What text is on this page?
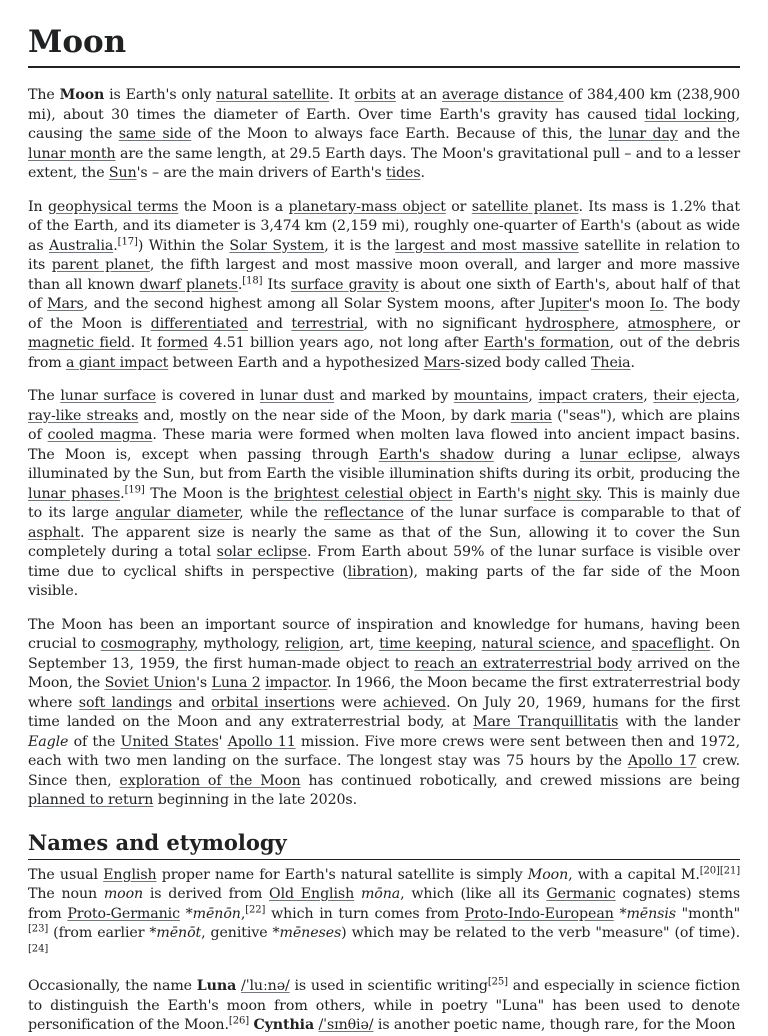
Moon

The Moon is Earth's only natural satellite. It orbits at an average distance of 384,400 km (238,900 mi), about 30 times the diameter of Earth. Over time Earth's gravity has caused tidal locking, causing the same side of the Moon to always face Earth. Because of this, the lunar day and the lunar month are the same length, at 29.5 Earth days. The Moon's gravitational pull – and to a lesser extent, the Sun's – are the main drivers of Earth's tides.

In geophysical terms the Moon is a planetary-mass object or satellite planet. Its mass is 1.2% that of the Earth, and its diameter is 3,474 km (2,159 mi), roughly one-quarter of Earth's (about as wide as Australia.[17]) Within the Solar System, it is the largest and most massive satellite in relation to its parent planet, the fifth largest and most massive moon overall, and larger and more massive than all known dwarf planets.[18] Its surface gravity is about one sixth of Earth's, about half of that of Mars, and the second highest among all Solar System moons, after Jupiter's moon Io. The body of the Moon is differentiated and terrestrial, with no significant hydrosphere, atmosphere, or magnetic field. It formed 4.51 billion years ago, not long after Earth's formation, out of the debris from a giant impact between Earth and a hypothesized Mars-sized body called Theia.

The lunar surface is covered in lunar dust and marked by mountains, impact craters, their ejecta, ray-like streaks and, mostly on the near side of the Moon, by dark maria ("seas"), which are plains of cooled magma. These maria were formed when molten lava flowed into ancient impact basins. The Moon is, except when passing through Earth's shadow during a lunar eclipse, always illuminated by the Sun, but from Earth the visible illumination shifts during its orbit, producing the lunar phases.[19] The Moon is the brightest celestial object in Earth's night sky. This is mainly due to its large angular diameter, while the reflectance of the lunar surface is comparable to that of asphalt. The apparent size is nearly the same as that of the Sun, allowing it to cover the Sun completely during a total solar eclipse. From Earth about 59% of the lunar surface is visible over time due to cyclical shifts in perspective (libration), making parts of the far side of the Moon visible.

The Moon has been an important source of inspiration and knowledge for humans, having been crucial to cosmography, mythology, religion, art, time keeping, natural science, and spaceflight. On September 13, 1959, the first human-made object to reach an extraterrestrial body arrived on the Moon, the Soviet Union's Luna 2 impactor. In 1966, the Moon became the first extraterrestrial body where soft landings and orbital insertions were achieved. On July 20, 1969, humans for the first time landed on the Moon and any extraterrestrial body, at Mare Tranquillitatis with the lander Eagle of the United States' Apollo 11 mission. Five more crews were sent between then and 1972, each with two men landing on the surface. The longest stay was 75 hours by the Apollo 17 crew. Since then, exploration of the Moon has continued robotically, and crewed missions are being planned to return beginning in the late 2020s.

Names and etymology

The usual English proper name for Earth's natural satellite is simply Moon, with a capital M.[20][21] The noun moon is derived from Old English mōna, which (like all its Germanic cognates) stems from Proto-Germanic *mēnōn,[22] which in turn comes from Proto-Indo-European *mēnsis "month"[23] (from earlier *mēnōt, genitive *mēneses) which may be related to the verb "measure" (of time).[24]

Occasionally, the name Luna /ˈluːnə/ is used in scientific writing[25] and especially in science fiction to distinguish the Earth's moon from others, while in poetry "Luna" has been used to denote personification of the Moon.[26] Cynthia /ˈsɪnθiə/ is another poetic name, though rare, for the Moon
